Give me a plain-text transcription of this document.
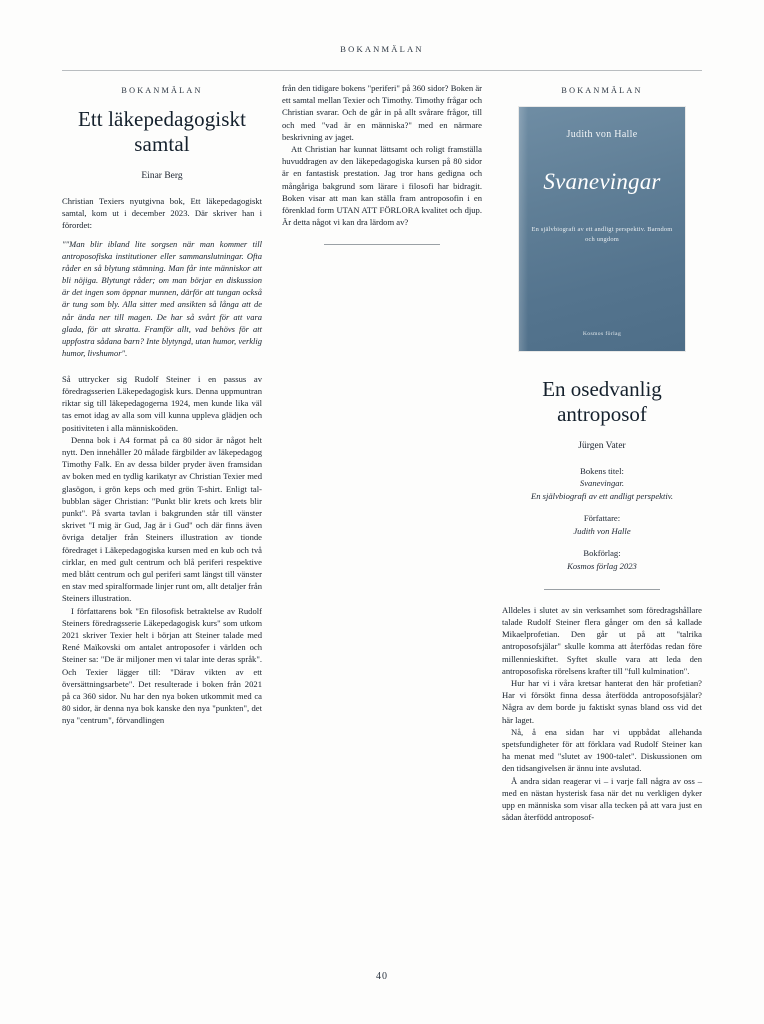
BOKANMÄLAN
BOKANMÄLAN
Ett läkepedagogiskt samtal
Einar Berg

Christian Texiers nyutgivna bok, Ett läkepedagogiskt samtal, kom ut i december 2023. Där skriver han i förordet:

""Man blir ibland lite sorgsen när man kommer till antroposofiska institutioner eller sammanslutningar. Ofta råder en så blytung stämning. Man får inte människor att bli nöjiga. Blytungt råder; om man börjar en diskussion är det ingen som öppnar munnen, därför att tungan också är tung som bly. Alla sitter med ansikten så långa att de når ända ner till magen. De har så svårt för att vara glada, för att skratta. Framför allt, vad behövs för att uppfostra sådana barn? Inte blytyngd, utan humor, verklig humor, livshumor".

Så uttrycker sig Rudolf Steiner i en passus av föredragsserien Läkepedagogisk kurs. Denna uppmuntran riktar sig till läkepedagogerna 1924, men kunde lika väl tas emot idag av alla som vill kunna uppleva glädjen och positiviteten i alla människoöden.

Denna bok i A4 format på ca 80 sidor är något helt nytt. Den innehåller 20 målade färgbilder av läkepedagog Timothy Falk. En av dessa bilder pryder även framsidan av boken med en tydlig karikatyr av Christian Texier med glasögon, i grön keps och med grön T-shirt. Enligt tal-bubblan säger Christian: "Punkt blir krets och krets blir punkt". På svarta tavlan i bakgrunden står till vänster skrivet "I mig är Gud, Jag är i Gud" och där finns även övriga detaljer från Steiners illustration av tionde föredraget i Läkepedagogiska kursen med en kub och två cirklar, en med gult centrum och blå periferi respektive med blått centrum och gul periferi samt längst till vänster en stav med spiralformade linjer runt om, allt detaljer från Steiners illustration.

I författarens bok "En filosofisk betraktelse av Rudolf Steiners föredragsserie Läkepedagogisk kurs" som utkom 2021 skriver Texier helt i början att Steiner talade med René Maïkovski om antalet antroposofer i världen och Steiner sa: "De är miljoner men vi talar inte deras språk". Och Texier lägger till: "Därav vikten av ett översättningsarbete". Det resulterade i boken från 2021 på ca 360 sidor. Nu har den nya boken utkommit med ca 80 sidor, är denna nya bok kanske den nya "punkten", det nya "centrum", förvandlingen

från den tidigare bokens "periferi" på 360 sidor? Boken är ett samtal mellan Texier och Timothy. Timothy frågar och Christian svarar. Och de går in på allt svårare frågor, till och med "vad är en människa?" med en närmare beskrivning av jaget.

Att Christian har kunnat lättsamt och roligt framställa huvuddragen av den läkepedagogiska kursen på 80 sidor är en fantastisk prestation. Jag tror hans gedigna och mångåriga bakgrund som lärare i filosofi har bidragit. Boken visar att man kan ställa fram antroposofin i en förenklad form UTAN ATT FÖRLORA kvalitet och djup. Är detta något vi kan dra lärdom av?

BOKANMÄLAN
Judith von Halle
Svanevingar
En självbiografi av ett andligt perspektiv. Barndom och ungdom
Kosmos förlag
En osedvanlig antroposof
Jürgen Vater
Bokens titel:
Svanevingar.
En självbiografi av ett andligt perspektiv.
Författare:
Judith von Halle
Bokförlag:
Kosmos förlag 2023

Alldeles i slutet av sin verksamhet som föredragshållare talade Rudolf Steiner flera gånger om den så kallade Mikaelprofetian. Den går ut på att "talrika antroposofsjälar" skulle komma att återfödas redan före millennieskiftet. Syftet skulle vara att leda den antroposofiska rörelsens krafter till "full kulmination".

Hur har vi i våra kretsar hanterat den här profetian? Har vi försökt finna dessa återfödda antroposofsjälar? Några av dem borde ju faktiskt synas bland oss vid det här laget.

Nå, å ena sidan har vi uppbådat allehanda spetsfundigheter för att förklara vad Rudolf Steiner kan ha menat med "slutet av 1900-talet". Diskussionen om den tidsangivelsen är ännu inte avslutad.

Å andra sidan reagerar vi – i varje fall några av oss – med en nästan hysterisk fasa när det nu verkligen dyker upp en människa som visar alla tecken på att vara just en sådan återfödd antroposof-

40
